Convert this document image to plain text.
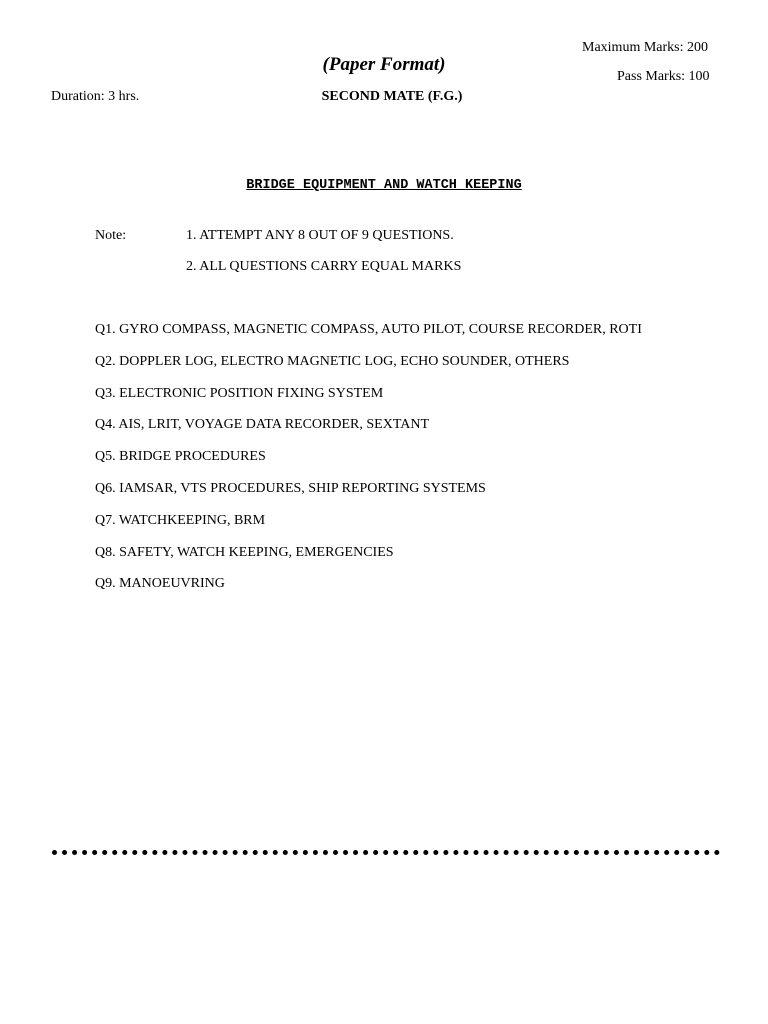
Maximum Marks: 200
Pass Marks: 100
(Paper Format)
Duration: 3 hrs.	SECOND MATE (F.G.)
BRIDGE EQUIPMENT AND WATCH KEEPING
Note:	1. ATTEMPT ANY 8 OUT OF 9 QUESTIONS.
2. ALL QUESTIONS CARRY EQUAL MARKS
Q1. GYRO COMPASS, MAGNETIC COMPASS, AUTO PILOT, COURSE RECORDER, ROTI
Q2. DOPPLER LOG, ELECTRO MAGNETIC LOG, ECHO SOUNDER, OTHERS
Q3. ELECTRONIC POSITION FIXING SYSTEM
Q4. AIS, LRIT, VOYAGE DATA RECORDER, SEXTANT
Q5. BRIDGE PROCEDURES
Q6. IAMSAR, VTS PROCEDURES, SHIP REPORTING SYSTEMS
Q7. WATCHKEEPING, BRM
Q8. SAFETY, WATCH KEEPING, EMERGENCIES
Q9. MANOEUVRING
